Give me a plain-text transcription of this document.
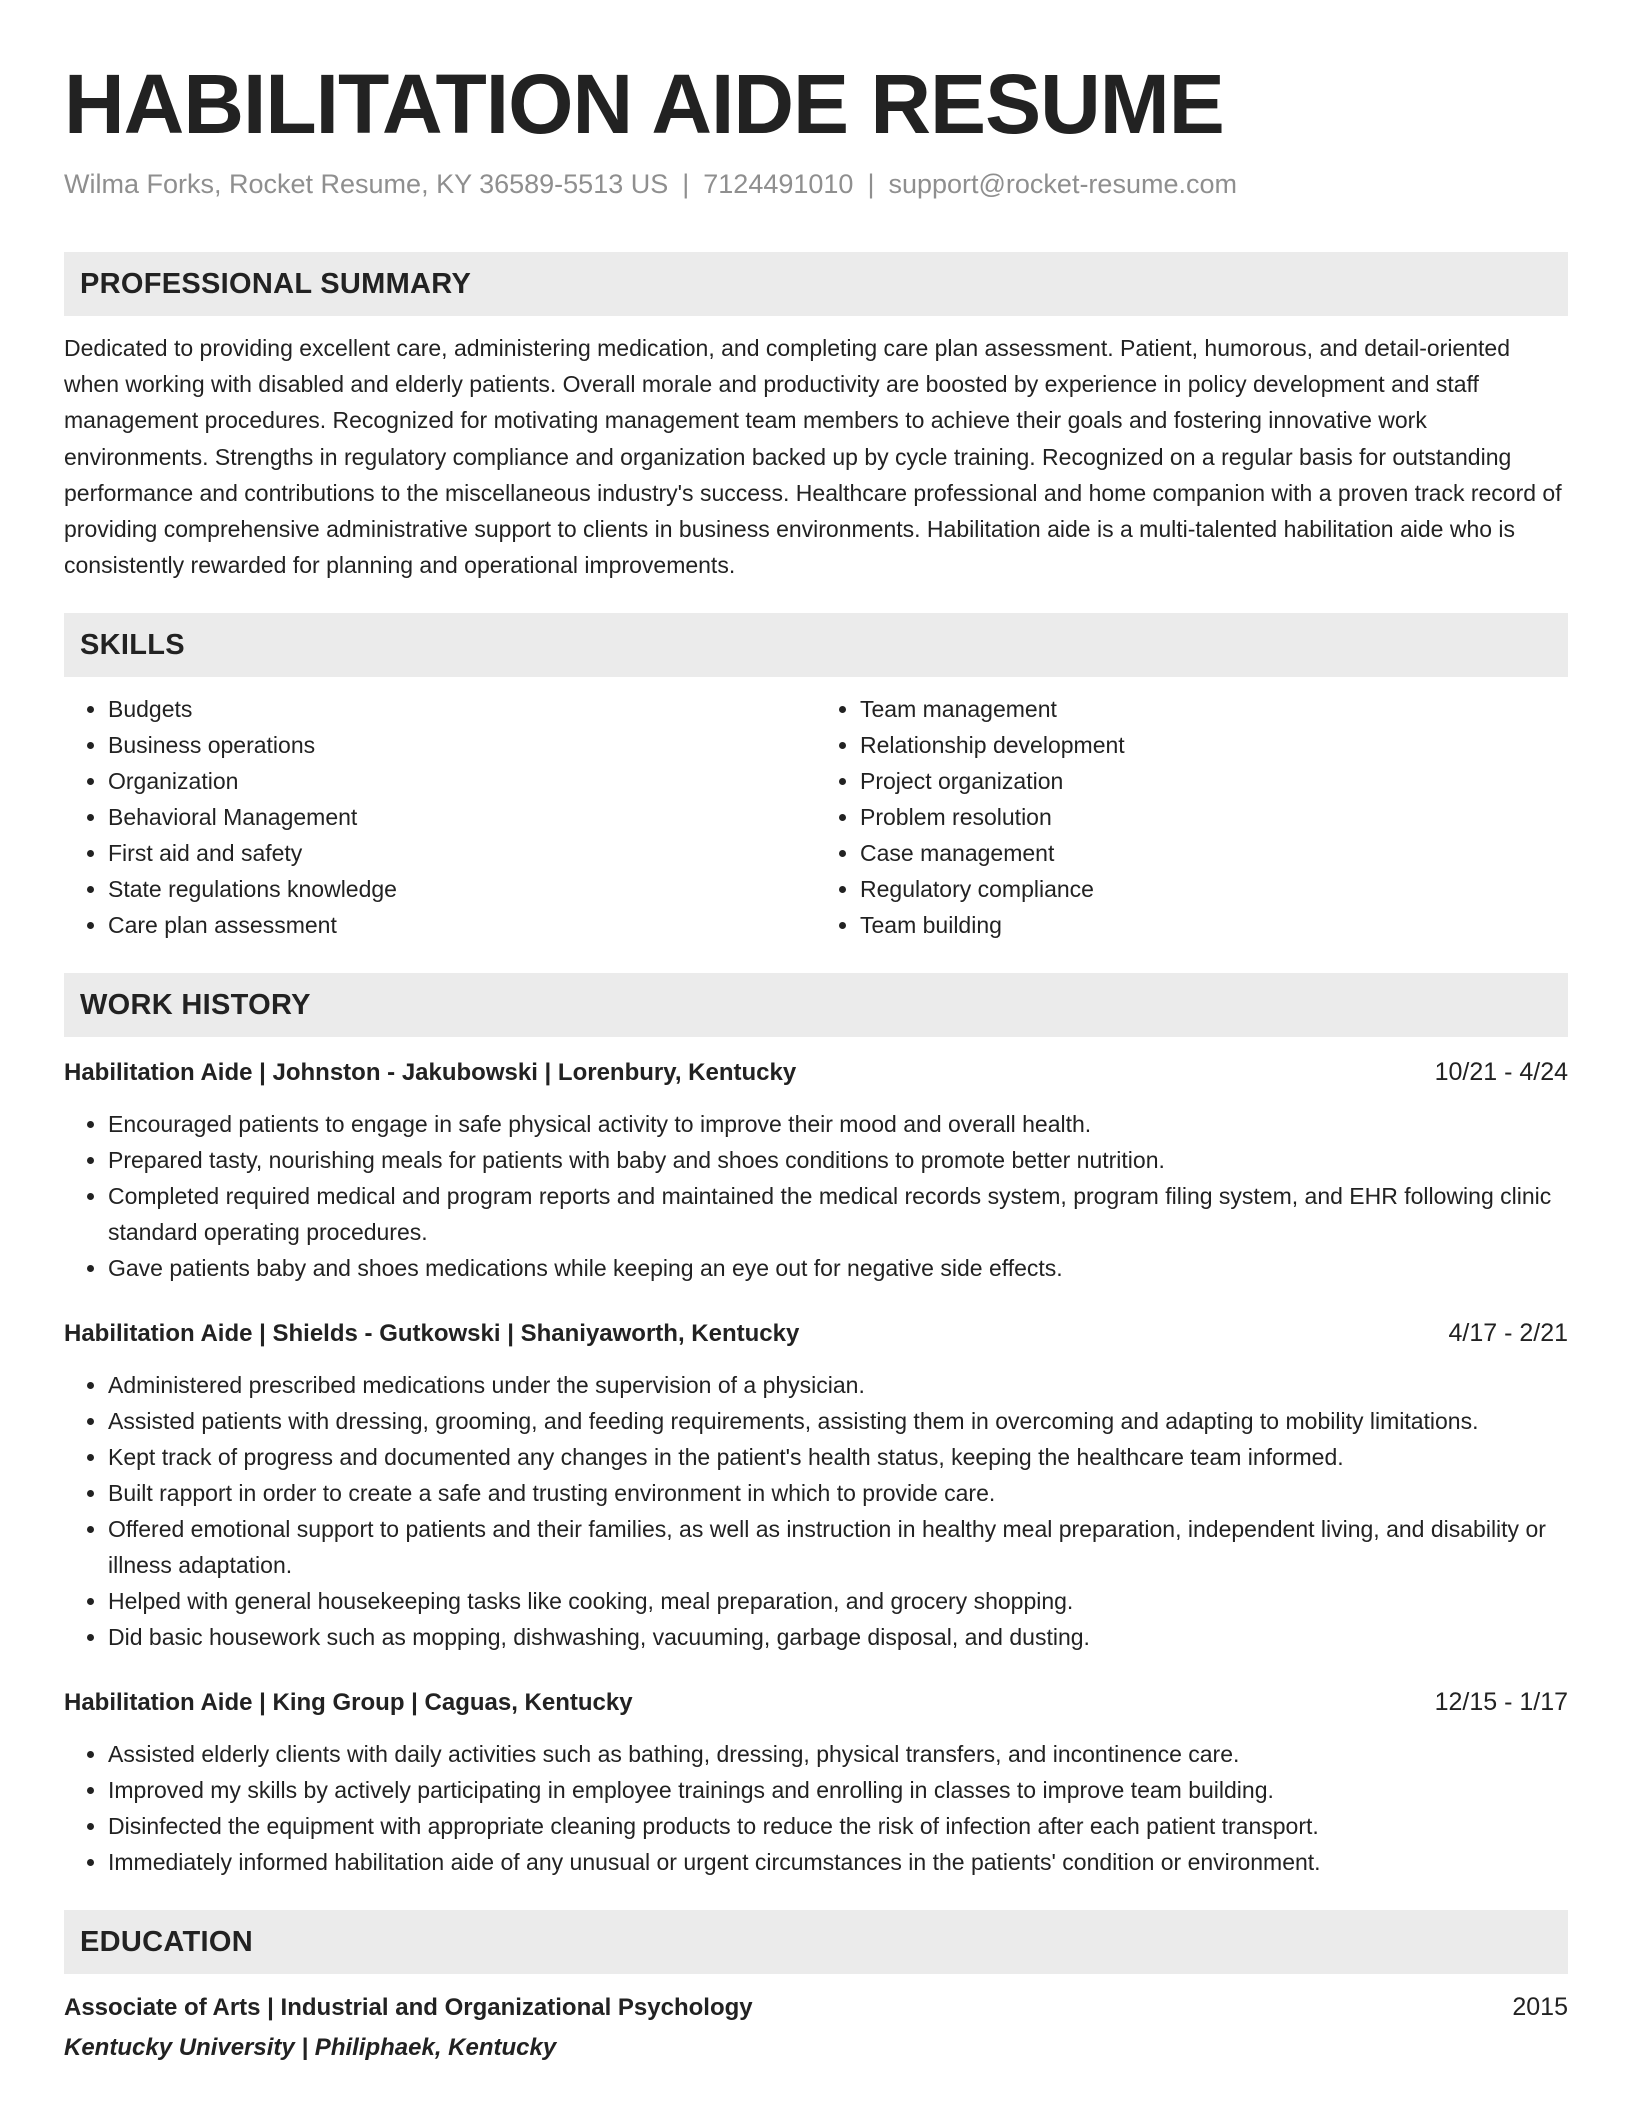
HABILITATION AIDE RESUME
Wilma Forks, Rocket Resume, KY 36589-5513 US | 7124491010 | support@rocket-resume.com
PROFESSIONAL SUMMARY
Dedicated to providing excellent care, administering medication, and completing care plan assessment. Patient, humorous, and detail-oriented when working with disabled and elderly patients. Overall morale and productivity are boosted by experience in policy development and staff management procedures. Recognized for motivating management team members to achieve their goals and fostering innovative work environments. Strengths in regulatory compliance and organization backed up by cycle training. Recognized on a regular basis for outstanding performance and contributions to the miscellaneous industry's success. Healthcare professional and home companion with a proven track record of providing comprehensive administrative support to clients in business environments. Habilitation aide is a multi-talented habilitation aide who is consistently rewarded for planning and operational improvements.
SKILLS
• Budgets
• Business operations
• Organization
• Behavioral Management
• First aid and safety
• State regulations knowledge
• Care plan assessment
• Team management
• Relationship development
• Project organization
• Problem resolution
• Case management
• Regulatory compliance
• Team building
WORK HISTORY
Habilitation Aide | Johnston - Jakubowski | Lorenbury, Kentucky	10/21 - 4/24
• Encouraged patients to engage in safe physical activity to improve their mood and overall health.
• Prepared tasty, nourishing meals for patients with baby and shoes conditions to promote better nutrition.
• Completed required medical and program reports and maintained the medical records system, program filing system, and EHR following clinic standard operating procedures.
• Gave patients baby and shoes medications while keeping an eye out for negative side effects.
Habilitation Aide | Shields - Gutkowski | Shaniyaworth, Kentucky	4/17 - 2/21
• Administered prescribed medications under the supervision of a physician.
• Assisted patients with dressing, grooming, and feeding requirements, assisting them in overcoming and adapting to mobility limitations.
• Kept track of progress and documented any changes in the patient's health status, keeping the healthcare team informed.
• Built rapport in order to create a safe and trusting environment in which to provide care.
• Offered emotional support to patients and their families, as well as instruction in healthy meal preparation, independent living, and disability or illness adaptation.
• Helped with general housekeeping tasks like cooking, meal preparation, and grocery shopping.
• Did basic housework such as mopping, dishwashing, vacuuming, garbage disposal, and dusting.
Habilitation Aide | King Group | Caguas, Kentucky	12/15 - 1/17
• Assisted elderly clients with daily activities such as bathing, dressing, physical transfers, and incontinence care.
• Improved my skills by actively participating in employee trainings and enrolling in classes to improve team building.
• Disinfected the equipment with appropriate cleaning products to reduce the risk of infection after each patient transport.
• Immediately informed habilitation aide of any unusual or urgent circumstances in the patients' condition or environment.
EDUCATION
Associate of Arts | Industrial and Organizational Psychology	2015
Kentucky University | Philiphaek, Kentucky
